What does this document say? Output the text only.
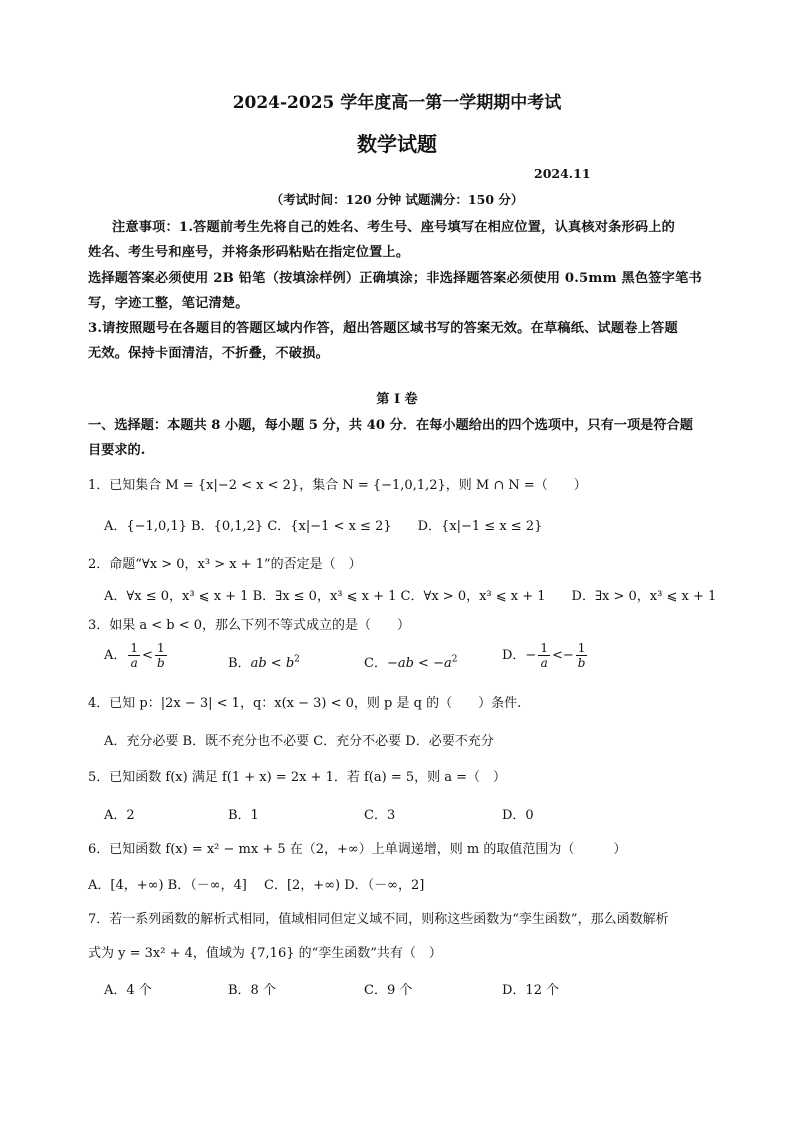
2024-2025 学年度高一第一学期期中考试
数学试题
2024.11
（考试时间：120 分钟 试题满分：150 分）
注意事项：1.答题前考生先将自己的姓名、考生号、座号填写在相应位置，认真核对条形码上的
姓名、考生号和座号，并将条形码粘贴在指定位置上。
选择题答案必须使用 2B 铅笔（按填涂样例）正确填涂；非选择题答案必须使用 0.5mm 黑色签字笔书
写，字迹工整，笔记清楚。
3.请按照题号在各题目的答题区域内作答，超出答题区域书写的答案无效。在草稿纸、试题卷上答题
无效。保持卡面清洁，不折叠，不破损。
第 I 卷
一、选择题：本题共 8 小题，每小题 5 分，共 40 分．在每小题给出的四个选项中，只有一项是符合题
目要求的.
1．已知集合 M = {x|−2 < x < 2}，集合 N = {−1,0,1,2}，则 M ∩ N =（　　）
A．{−1,0,1} B．{0,1,2} C．{x|−1 < x ≤ 2}　　D．{x|−1 ≤ x ≤ 2}
2．命题“∀x > 0，x³ > x + 1”的否定是（　）
A．∀x ≤ 0，x³ ⩽ x + 1 B．∃x ≤ 0，x³ ⩽ x + 1 C．∀x > 0，x³ ⩽ x + 1　　D．∃x > 0，x³ ⩽ x + 1
3．如果 a < b < 0，那么下列不等式成立的是（　　）
A． $\frac{1}{a} < \frac{1}{b}$	B．ab < $b^2$	C．$-ab < -a^2$	D．− $\frac{1}{a} <- \frac{1}{b}$
4．已知 p：|2x − 3| < 1，q：x(x − 3) < 0，则 p 是 q 的（　　）条件.
A．充分必要 B．既不充分也不必要 C．充分不必要 D．必要不充分
5．已知函数 f(x) 满足 f(1 + x) = 2x + 1．若 f(a) = 5，则 a =（　）
A．2	B．1	C．3	D．0
6．已知函数 f(x) = x² − mx + 5 在（2，+∞）上单调递增，则 m 的取值范围为（　　　）
A．[4，+∞) B．（－∞，4]　 C．[2，+∞) D．（－∞，2]
7．若一系列函数的解析式相同，值域相同但定义域不同，则称这些函数为“孪生函数”，那么函数解析
式为 y = 3x² + 4，值域为 {7,16} 的“孪生函数”共有（　）
A．4 个	B．8 个	C．9 个	D．12 个
